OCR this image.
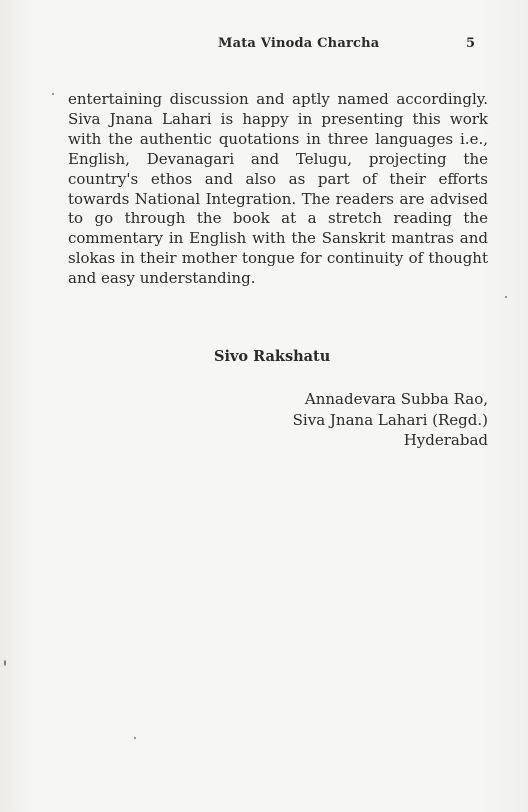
Mata Vinoda Charcha	5

entertaining discussion and aptly named accordingly. Siva Jnana Lahari is happy in presenting this work with the authentic quotations in three languages i.e., English, Devanagari and Telugu, projecting the country's ethos and also as part of their efforts towards National Integration. The readers are advised to go through the book at a stretch reading the commentary in English with the Sanskrit mantras and slokas in their mother tongue for continuity of thought and easy understanding.

Sivo Rakshatu
Annadevara Subba Rao,
Siva Jnana Lahari (Regd.)
Hyderabad
